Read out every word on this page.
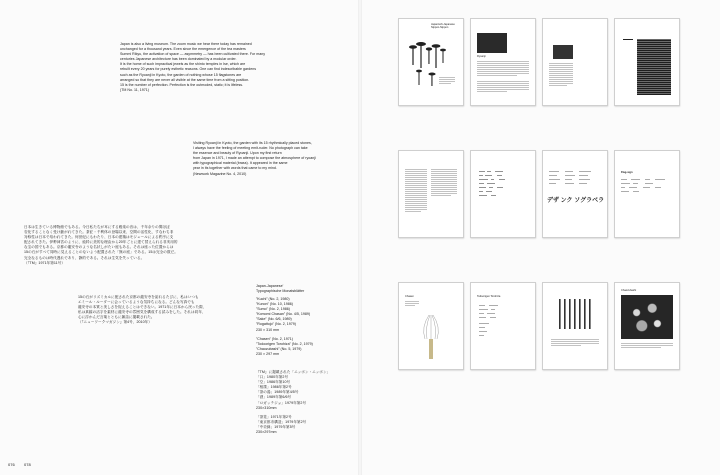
Japan is also a living museum. The zoom music we hear there today has remained
unchanged for a thousand years. Even since the emergence of the tea masters
Summi Rikyu, the activation of space — asymmetry — has been cultivated there. For many
centuries Japanese architecture has been dominated by a modular order.
It is the home of such impractical jewels as the shinto temples in Ise, which are
rebuilt every 20 years for purely esthetic reasons. One can find indescribable gardens
such as the Ryoanji in Kyoto, the garden of nothing whose 15 flagstones are
arranged so that they are never all visible at the same time from a sitting position.
15 is the number of perfection. Perfection is the outmoded, static; it is lifeless.
(TM No. 11, 1971)
Visiting Ryoanji in Kyoto, the garden with its 15 rhythmically placed stones,
I always have the feeling of meeting emit-ruder. No photograph can take
the essence and beauty of Ryoanji. Upon my first return
from Japan in 1971, I made an attempt to compose the atmosphere of ryoanji
with typographical material (brass). It appeared in the same
year in its together with words that came to my mind.
(Newwork Magazine No. 4, 2010)
日本は生きている博物館でもある。今日私たちが耳にする雅楽の音は、千年余りの間ほぼ
変化することなく受け継がれてきた。茶匠・千利休の登場以来、空間の活性化、すなわち非
対称性は日本で培われてきた。何世紀にもわたり、日本の建築はモジュールによる秩序に支
配されてきた。伊勢神宮のように、純粋に美的な理由から20年ごとに建て替えられる非実用的
な宝の国でもある。京都の龍安寺のような名状しがたい庭もある。それは座った位置からは
15の石がすべて同時に見えることのないよう配置された「無の庭」である。15は完全の数だ。
完全なるものは時代遅れであり、静的である。それは生気を失っている。
（『TM』1971年第11号）
15の石がリズミカルに配された京都の龍安寺を訪れるたびに、私はいつも
エミール・ルーダーに会っているような気持ちになる。どんな写真でも
龍安寺の本質と美しさを捉えることはできない。1971年に日本から戻った際、
私は真鍮の活字を素材に龍安寺の雰囲気を構成する試みをした。それは同年、
心に浮かんだ言葉とともに雑誌に掲載された。
（『ニューワークマガジン』第4号、2010年）
Japan-Japanese'
Typographische Monatsblätter
"Kuchi" (No. 2, 1980)
"Kunon" (No. 10, 1986)
"Sumo" (No. 2, 1986)
"Komomi Chasan" (No. 4/5, 1989)
"Sake" (No. 6/6, 1989)
"Rogattojo" (No. 2, 1979)
230 × 310 mm
"Chasen" (No. 2, 1971)
"Todoorigen Torohiza" (No. 2, 1979)
"Chaozubashi" (No. 5, 1979)
230 × 297 mm
『TM』に掲載された「ニッポン・ニッポン」
「口」1980年第2号
「空」1986年第10号
「相撲」1986年第2号
「茶の湯」1989年第4/5号
「酒」1989年第6/6号
「ロガッテジョ」1979年第2号
230×310mm
「茶筅」1971年第2号
「東京都市構造」1979年第2号
「中央線」1979年第5号
230×297mm
076 078
Japanisch-Japanese
Nippon-Nippon
Ryoanji
デザ ンク ソグラベラ
Flag-sign
Chasen	Todoorigen Torohiza
Chaozubashi
